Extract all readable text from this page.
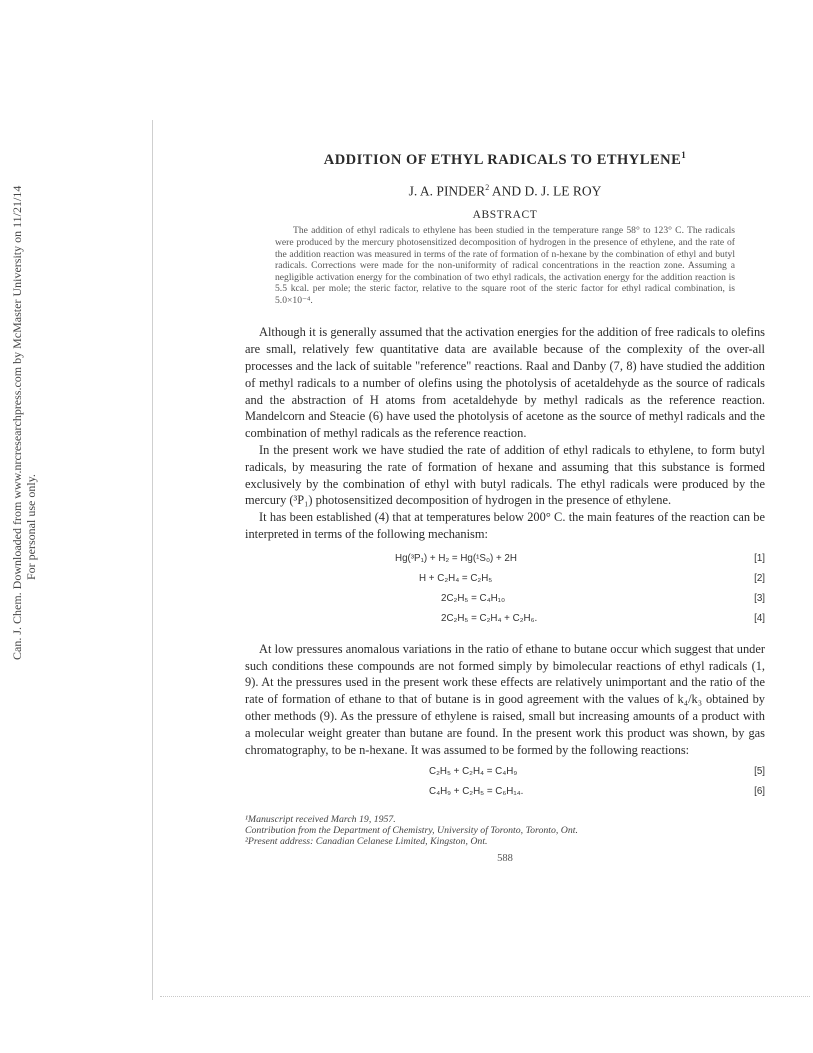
Can. J. Chem. Downloaded from www.nrcresearchpress.com by McMaster University on 11/21/14 For personal use only.
ADDITION OF ETHYL RADICALS TO ETHYLENE$^1$
J. A. PINDER$^2$ AND D. J. LE ROY
ABSTRACT

The addition of ethyl radicals to ethylene has been studied in the temperature range 58° to 123° C. The radicals were produced by the mercury photosensitized decomposition of hydrogen in the presence of ethylene, and the rate of the addition reaction was measured in terms of the rate of formation of n-hexane by the combination of ethyl and butyl radicals. Corrections were made for the non-uniformity of radical concentrations in the reaction zone. Assuming a negligible activation energy for the combination of two ethyl radicals, the activation energy for the addition reaction is 5.5 kcal. per mole; the steric factor, relative to the square root of the steric factor for ethyl radical combination, is 5.0×10⁻⁴.

Although it is generally assumed that the activation energies for the addition of free radicals to olefins are small, relatively few quantitative data are available because of the complexity of the over-all processes and the lack of suitable "reference" reactions. Raal and Danby (7, 8) have studied the addition of methyl radicals to a number of olefins using the photolysis of acetaldehyde as the source of radicals and the abstraction of H atoms from acetaldehyde by methyl radicals as the reference reaction. Mandelcorn and Steacie (6) have used the photolysis of acetone as the source of methyl radicals and the combination of methyl radicals as the reference reaction.

In the present work we have studied the rate of addition of ethyl radicals to ethylene, to form butyl radicals, by measuring the rate of formation of hexane and assuming that this substance is formed exclusively by the combination of ethyl with butyl radicals. The ethyl radicals were produced by the mercury (³P₁) photosensitized decomposition of hydrogen in the presence of ethylene.

It has been established (4) that at temperatures below 200° C. the main features of the reaction can be interpreted in terms of the following mechanism:

Hg(³P₁) + H₂ = Hg(¹S₀) + 2H	[1]
H + C₂H₄ = C₂H₅	[2]
2C₂H₅ = C₄H₁₀	[3]
2C₂H₅ = C₂H₄ + C₂H₆.	[4]

At low pressures anomalous variations in the ratio of ethane to butane occur which suggest that under such conditions these compounds are not formed simply by bimolecular reactions of ethyl radicals (1, 9). At the pressures used in the present work these effects are relatively unimportant and the ratio of the rate of formation of ethane to that of butane is in good agreement with the values of k₄/k₃ obtained by other methods (9). As the pressure of ethylene is raised, small but increasing amounts of a product with a molecular weight greater than butane are found. In the present work this product was shown, by gas chromatography, to be n-hexane. It was assumed to be formed by the following reactions:

C₂H₅ + C₂H₄ = C₄H₉	[5]
C₄H₉ + C₂H₅ = C₆H₁₄.	[6]
¹Manuscript received March 19, 1957.
Contribution from the Department of Chemistry, University of Toronto, Toronto, Ont.
²Present address: Canadian Celanese Limited, Kingston, Ont.
588
